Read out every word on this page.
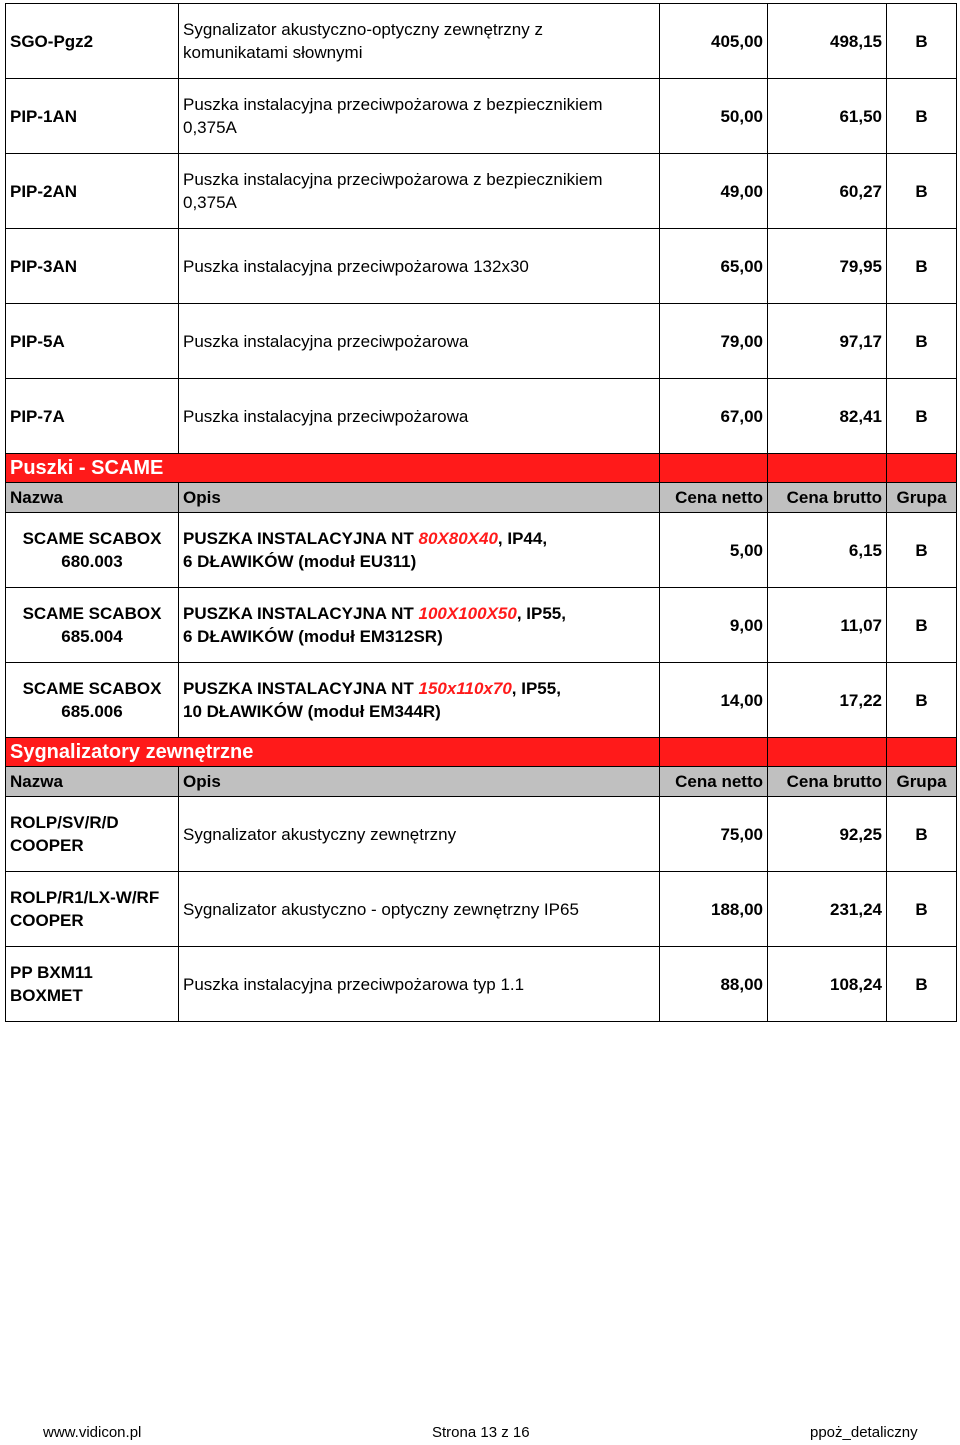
SGO-Pgz2	Sygnalizator akustyczno-optyczny zewnętrzny z
komunikatami słownymi	405,00	498,15	B
PIP-1AN	Puszka instalacyjna przeciwpożarowa z bezpiecznikiem
0,375A	50,00	61,50	B
PIP-2AN	Puszka instalacyjna przeciwpożarowa z bezpiecznikiem
0,375A	49,00	60,27	B
PIP-3AN	Puszka instalacyjna przeciwpożarowa 132x30	65,00	79,95	B
PIP-5A	Puszka instalacyjna przeciwpożarowa	79,00	97,17	B
PIP-7A	Puszka instalacyjna przeciwpożarowa	67,00	82,41	B
Puszki - SCAME				
Nazwa	Opis	Cena netto	Cena brutto	Grupa
SCAME SCABOX
680.003	PUSZKA INSTALACYJNA NT 80X80X40, IP44,
6 DŁAWIKÓW (moduł EU311)	5,00	6,15	B
SCAME SCABOX
685.004	PUSZKA INSTALACYJNA NT 100X100X50, IP55,
6 DŁAWIKÓW (moduł EM312SR)	9,00	11,07	B
SCAME SCABOX
685.006	PUSZKA INSTALACYJNA NT 150x110x70, IP55,
10 DŁAWIKÓW (moduł EM344R)	14,00	17,22	B
Sygnalizatory zewnętrzne				
Nazwa	Opis	Cena netto	Cena brutto	Grupa
ROLP/SV/R/D
COOPER	Sygnalizator akustyczny zewnętrzny	75,00	92,25	B
ROLP/R1/LX-W/RF
COOPER	Sygnalizator akustyczno - optyczny zewnętrzny IP65	188,00	231,24	B
PP BXM11
BOXMET	Puszka instalacyjna przeciwpożarowa typ 1.1	88,00	108,24	B
www.vidicon.pl	Strona 13 z 16	ppoż_detaliczny
